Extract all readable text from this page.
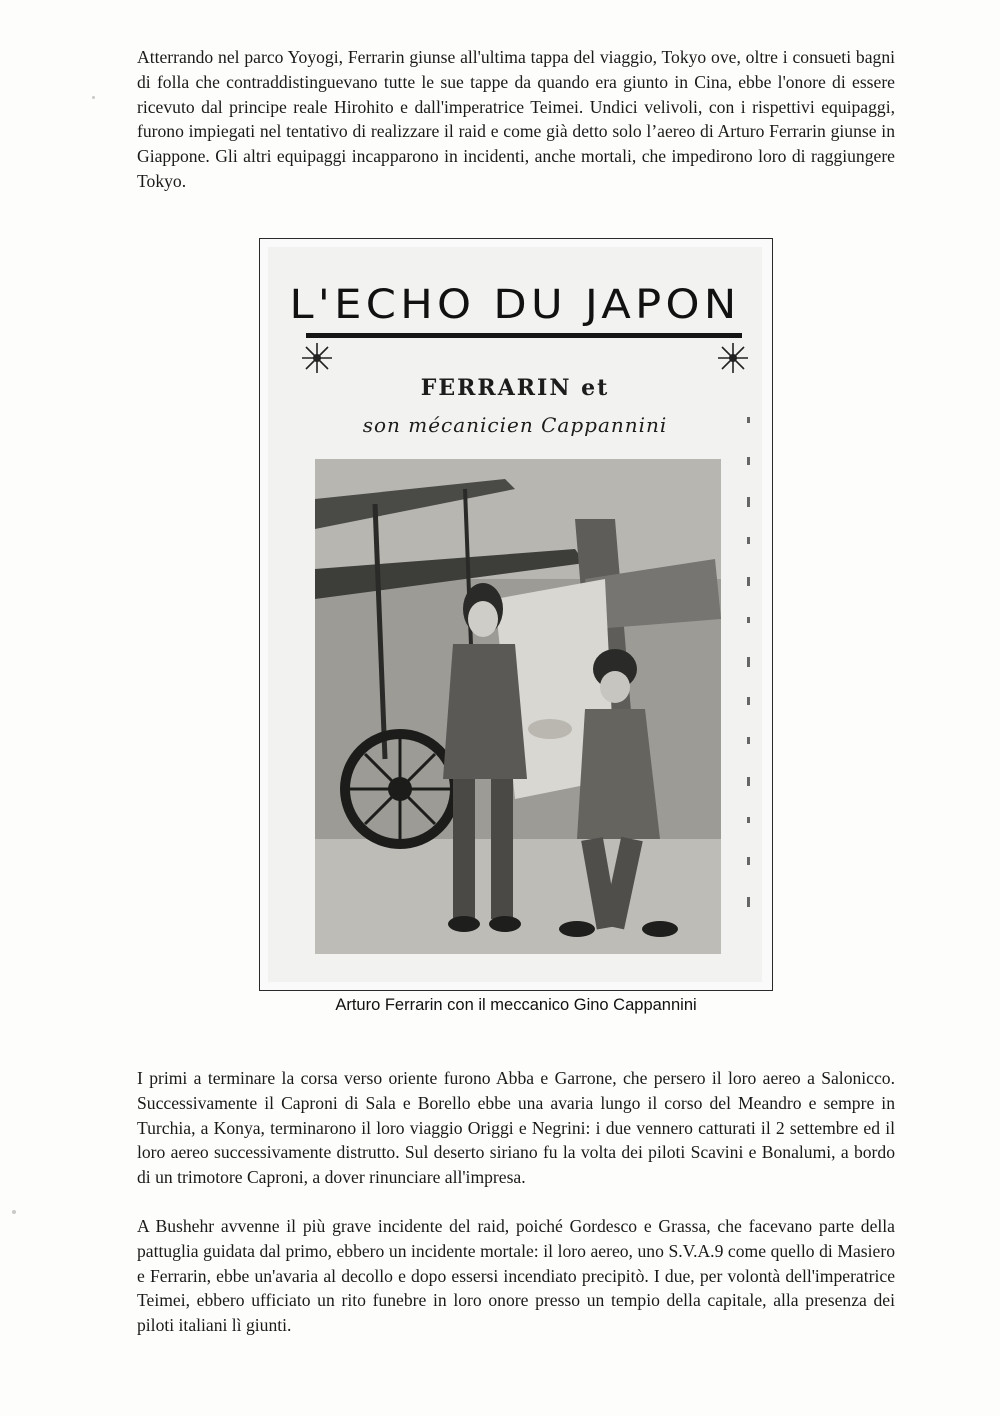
Atterrando nel parco Yoyogi, Ferrarin giunse all'ultima tappa del viaggio, Tokyo ove, oltre i consueti bagni di folla che contraddistinguevano tutte le sue tappe da quando era giunto in Cina, ebbe l'onore di essere ricevuto dal principe reale Hirohito e dall'imperatrice Teimei. Undici velivoli, con i rispettivi equipaggi, furono impiegati nel tentativo di realizzare il raid e come già detto solo l’aereo di Arturo Ferrarin giunse in Giappone. Gli altri equipaggi incapparono in incidenti, anche mortali, che impedirono loro di raggiungere Tokyo.

L'ECHO DU JAPON
FERRARIN et
son mécanicien Cappannini
Arturo Ferrarin con il meccanico Gino Cappannini

I primi a terminare la corsa verso oriente furono Abba e Garrone, che persero il loro aereo a Salonicco. Successivamente il Caproni di Sala e Borello ebbe una avaria lungo il corso del Meandro e sempre in Turchia, a Konya, terminarono il loro viaggio Origgi e Negrini: i due vennero catturati il 2 settembre ed il loro aereo successivamente distrutto. Sul deserto siriano fu la volta dei piloti Scavini e Bonalumi, a bordo di un trimotore Caproni, a dover rinunciare all'impresa.

A Bushehr avvenne il più grave incidente del raid, poiché Gordesco e Grassa, che facevano parte della pattuglia guidata dal primo, ebbero un incidente mortale: il loro aereo, uno S.V.A.9 come quello di Masiero e Ferrarin, ebbe un'avaria al decollo e dopo essersi incendiato precipitò. I due, per volontà dell'imperatrice Teimei, ebbero ufficiato un rito funebre in loro onore presso un tempio della capitale, alla presenza dei piloti italiani lì giunti.
